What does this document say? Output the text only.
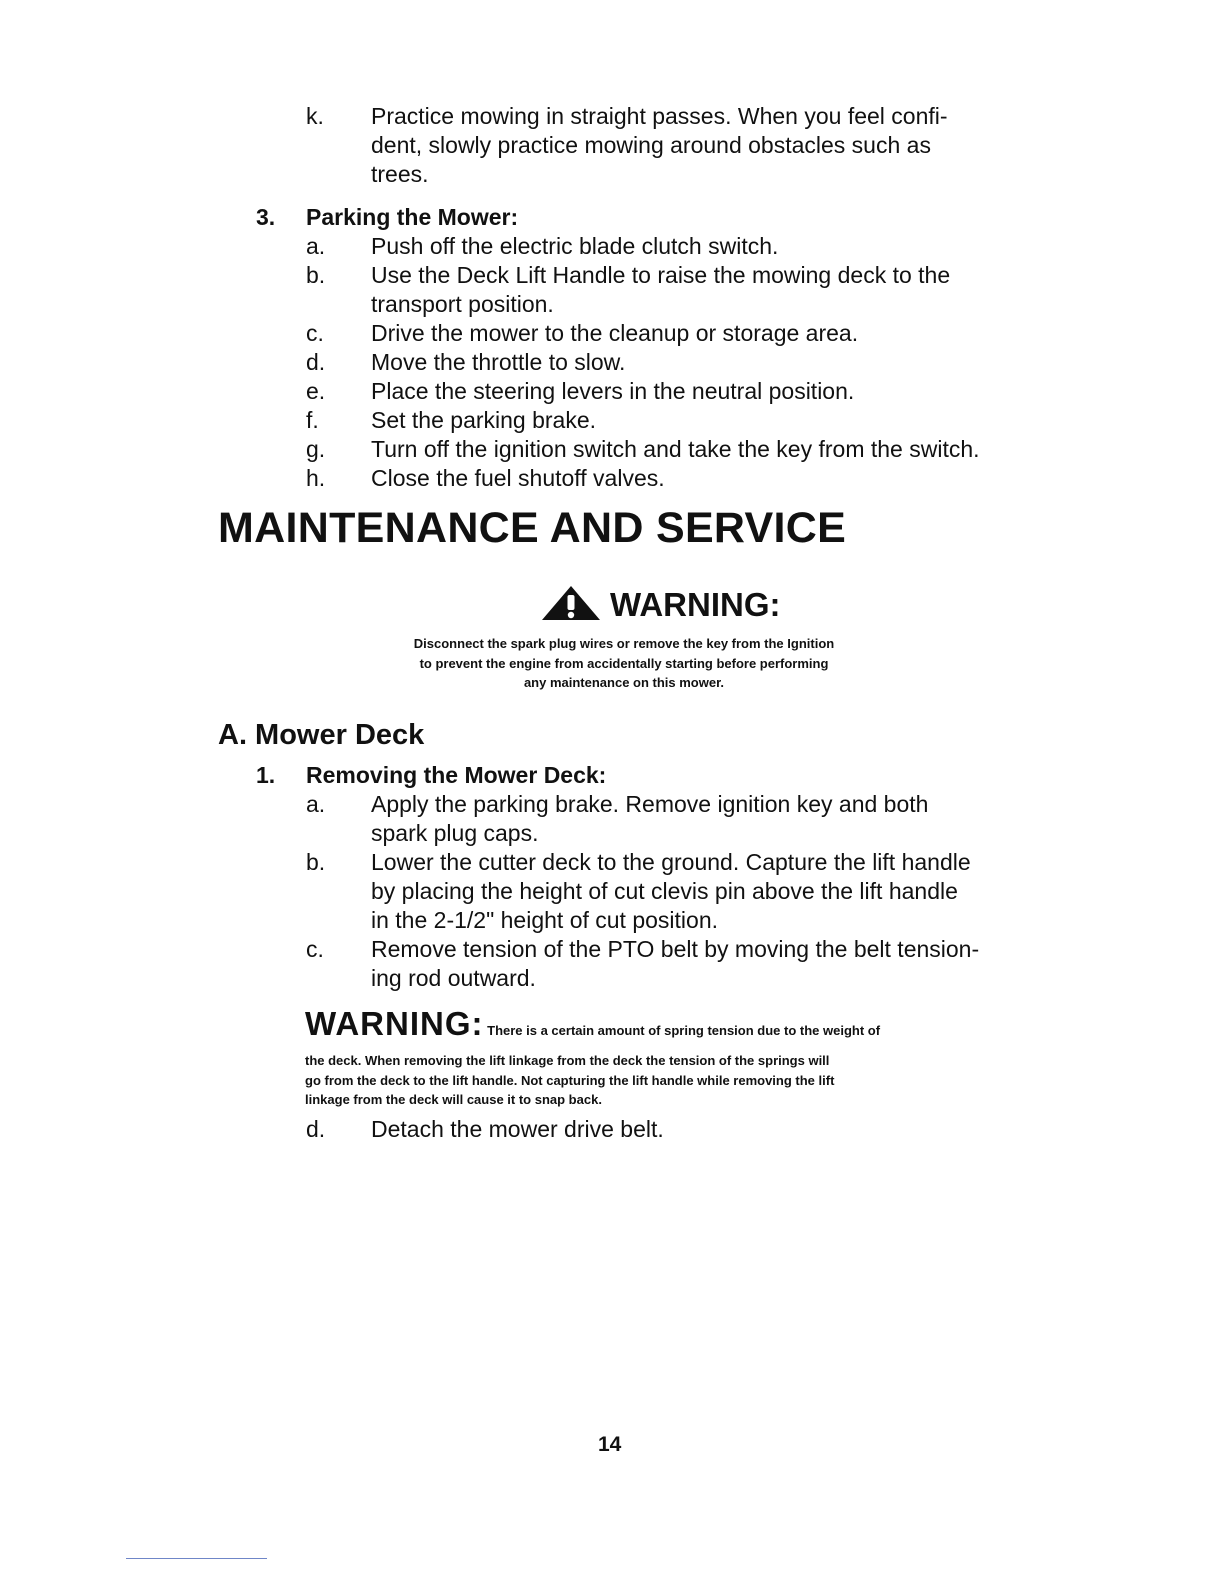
k. Practice mowing in straight passes. When you feel confi-
dent, slowly practice mowing around obstacles such as
trees.
3. Parking the Mower:
a. Push off the electric blade clutch switch.
b. Use the Deck Lift Handle to raise the mowing deck to the
transport position.
c. Drive the mower to the cleanup or storage area.
d. Move the throttle to slow.
e. Place the steering levers in the neutral position.
f. Set the parking brake.
g. Turn off the ignition switch and take the key from the switch.
h. Close the fuel shutoff valves.
MAINTENANCE AND SERVICE
WARNING:
Disconnect the spark plug wires or remove the key from the Ignition
to prevent the engine from accidentally starting before performing
any maintenance on this mower.
A. Mower Deck
1. Removing the Mower Deck:
a. Apply the parking brake. Remove ignition key and both
spark plug caps.
b. Lower the cutter deck to the ground. Capture the lift handle
by placing the height of cut clevis pin above the lift handle
in the 2-1/2" height of cut position.
c. Remove tension of the PTO belt by moving the belt tension-
ing rod outward.
WARNING: There is a certain amount of spring tension due to the weight of
the deck. When removing the lift linkage from the deck the tension of the springs will
go from the deck to the lift handle. Not capturing the lift handle while removing the lift
linkage from the deck will cause it to snap back.
d. Detach the mower drive belt.
14
